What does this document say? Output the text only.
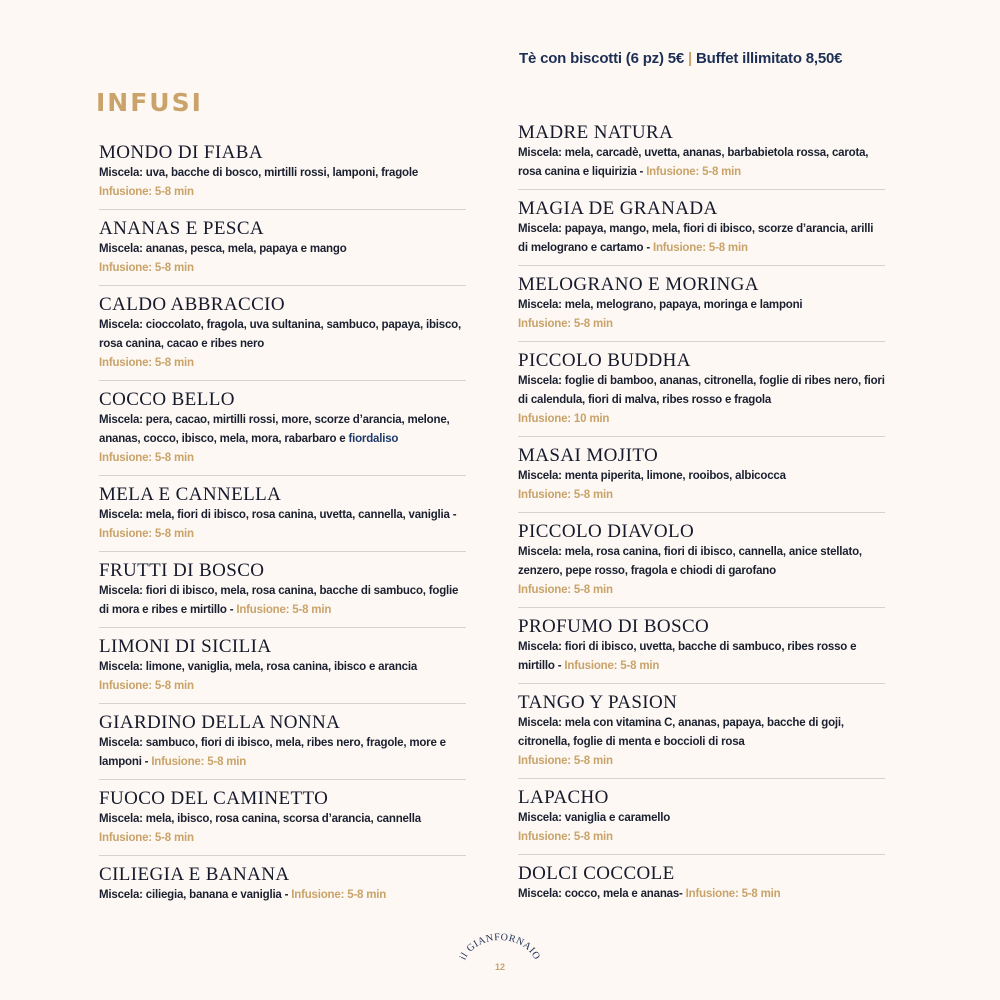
Tè con biscotti (6 pz) 5€ | Buffet illimitato 8,50€
INFUSI
MONDO DI FIABA
Miscela: uva, bacche di bosco, mirtilli rossi, lamponi, fragole
Infusione: 5-8 min
ANANAS E PESCA
Miscela: ananas, pesca, mela, papaya e mango
Infusione: 5-8 min
CALDO ABBRACCIO
Miscela: cioccolato, fragola, uva sultanina, sambuco, papaya, ibisco, rosa canina, cacao e ribes nero
Infusione: 5-8 min
COCCO BELLO
Miscela: pera, cacao, mirtilli rossi, more, scorze d’arancia, melone, ananas, cocco, ibisco, mela, mora, rabarbaro e fiordaliso
Infusione: 5-8 min
MELA E CANNELLA
Miscela: mela, fiori di ibisco, rosa canina, uvetta, cannella, vaniglia - Infusione: 5-8 min
FRUTTI DI BOSCO
Miscela: fiori di ibisco, mela, rosa canina, bacche di sambuco, foglie di mora e ribes e mirtillo - Infusione: 5-8 min
LIMONI DI SICILIA
Miscela: limone, vaniglia, mela, rosa canina, ibisco e arancia
Infusione: 5-8 min
GIARDINO DELLA NONNA
Miscela: sambuco, fiori di ibisco, mela, ribes nero, fragole, more e lamponi - Infusione: 5-8 min
FUOCO DEL CAMINETTO
Miscela: mela, ibisco, rosa canina, scorsa d’arancia, cannella
Infusione: 5-8 min
CILIEGIA E BANANA
Miscela: ciliegia, banana e vaniglia - Infusione: 5-8 min
MADRE NATURA
Miscela: mela, carcadè, uvetta, ananas, barbabietola rossa, carota, rosa canina e liquirizia - Infusione: 5-8 min
MAGIA DE GRANADA
Miscela: papaya, mango, mela, fiori di ibisco, scorze d’arancia, arilli di melograno e cartamo - Infusione: 5-8 min
MELOGRANO E MORINGA
Miscela: mela, melograno, papaya, moringa e lamponi
Infusione: 5-8 min
PICCOLO BUDDHA
Miscela: foglie di bamboo, ananas, citronella, foglie di ribes nero, fiori di calendula, fiori di malva, ribes rosso e fragola
Infusione: 10 min
MASAI MOJITO
Miscela: menta piperita, limone, rooibos, albicocca
Infusione: 5-8 min
PICCOLO DIAVOLO
Miscela: mela, rosa canina, fiori di ibisco, cannella, anice stellato, zenzero, pepe rosso, fragola e chiodi di garofano
Infusione: 5-8 min
PROFUMO DI BOSCO
Miscela: fiori di ibisco, uvetta, bacche di sambuco, ribes rosso e mirtillo - Infusione: 5-8 min
TANGO Y PASION
Miscela: mela con vitamina C, ananas, papaya, bacche di goji, citronella, foglie di menta e boccioli di rosa
Infusione: 5-8 min
LAPACHO
Miscela: vaniglia e caramello
Infusione: 5-8 min
DOLCI COCCOLE
Miscela: cocco, mela e ananas- Infusione: 5-8 min
il GIANFORNAIO
12
